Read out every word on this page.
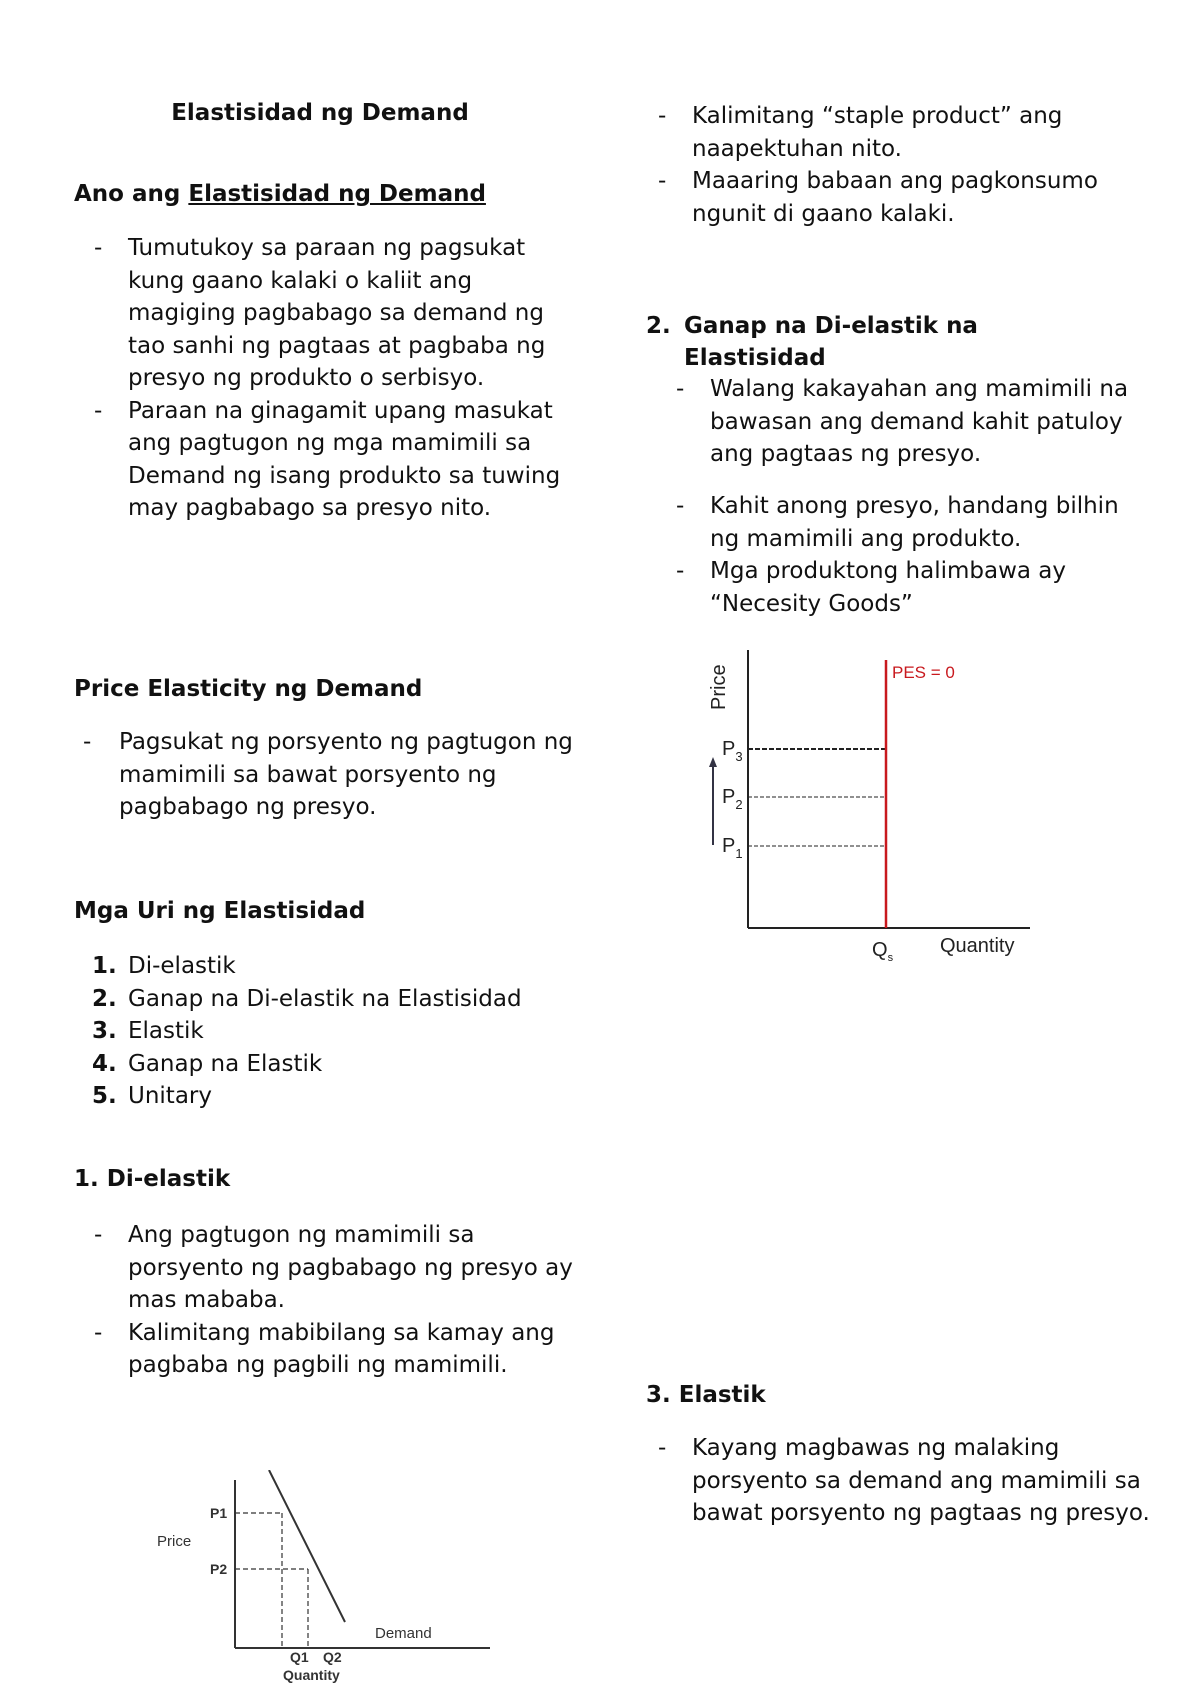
Elastisidad ng Demand
Ano ang Elastisidad ng Demand
- Tumutukoy sa paraan ng pagsukat kung gaano kalaki o kaliit ang magiging pagbabago sa demand ng tao sanhi ng pagtaas at pagbaba ng presyo ng produkto o serbisyo.
- Paraan na ginagamit upang masukat ang pagtugon ng mga mamimili sa Demand ng isang produkto sa tuwing may pagbabago sa presyo nito.
Price Elasticity ng Demand
- Pagsukat ng porsyento ng pagtugon ng mamimili sa bawat porsyento ng pagbabago ng presyo.
Mga Uri ng Elastisidad
1. Di-elastik
2. Ganap na Di-elastik na Elastisidad
3. Elastik
4. Ganap na Elastik
5. Unitary
1. Di-elastik
- Ang pagtugon ng mamimili sa porsyento ng pagbabago ng presyo ay mas mababa.
- Kalimitang mabibilang sa kamay ang pagbaba ng pagbili ng mamimili.
Price
P1
P2
Q1 Q2
Quantity
Demand
- Kalimitang “staple product” ang naapektuhan nito.
- Maaaring babaan ang pagkonsumo ngunit di gaano kalaki.
2. Ganap na Di-elastik na

Elastisidad
- Walang kakayahan ang mamimili na bawasan ang demand kahit patuloy ang pagtaas ng presyo.
- Kahit anong presyo, handang bilhin ng mamimili ang produkto.
- Mga produktong halimbawa ay “Necesity Goods”
Price
$P_3$
$P_2$
$P_1$
$Q_s$
Quantity
PES = 0
3. Elastik
- Kayang magbawas ng malaking porsyento sa demand ang mamimili sa bawat porsyento ng pagtaas ng presyo.
